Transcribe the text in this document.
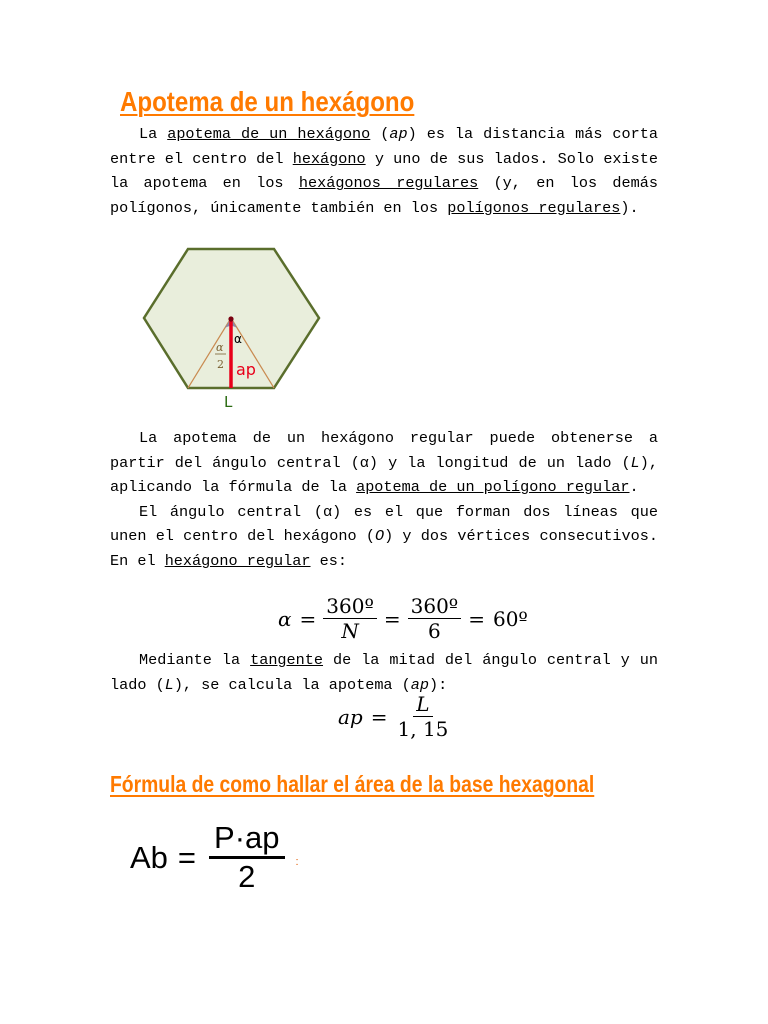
Apotema de un hexágono

La apotema de un hexágono (ap) es la distancia más corta entre el centro del hexágono y uno de sus lados. Solo existe la apotema en los hexágonos regulares (y, en los demás polígonos, únicamente también en los polígonos regulares).

α
α
2 ap
L

La apotema de un hexágono regular puede obtenerse a partir del ángulo central (α) y la longitud de un lado (L), aplicando la fórmula de la apotema de un polígono regular.

El ángulo central (α) es el que forman dos líneas que unen el centro del hexágono (O) y dos vértices consecutivos. En el hexágono regular es:

$\alpha = \frac{\text{360º}}{N} = \frac{\text{360º}}{6}$ = 60º

Mediante la tangente de la mitad del ángulo central y un lado (L), se calcula la apotema (ap):

ap = $\frac{L}{1, 15}$
Fórmula de como hallar el área de la base hexagonal
$Ab = \frac{P\cdot ap}{2}$ :
